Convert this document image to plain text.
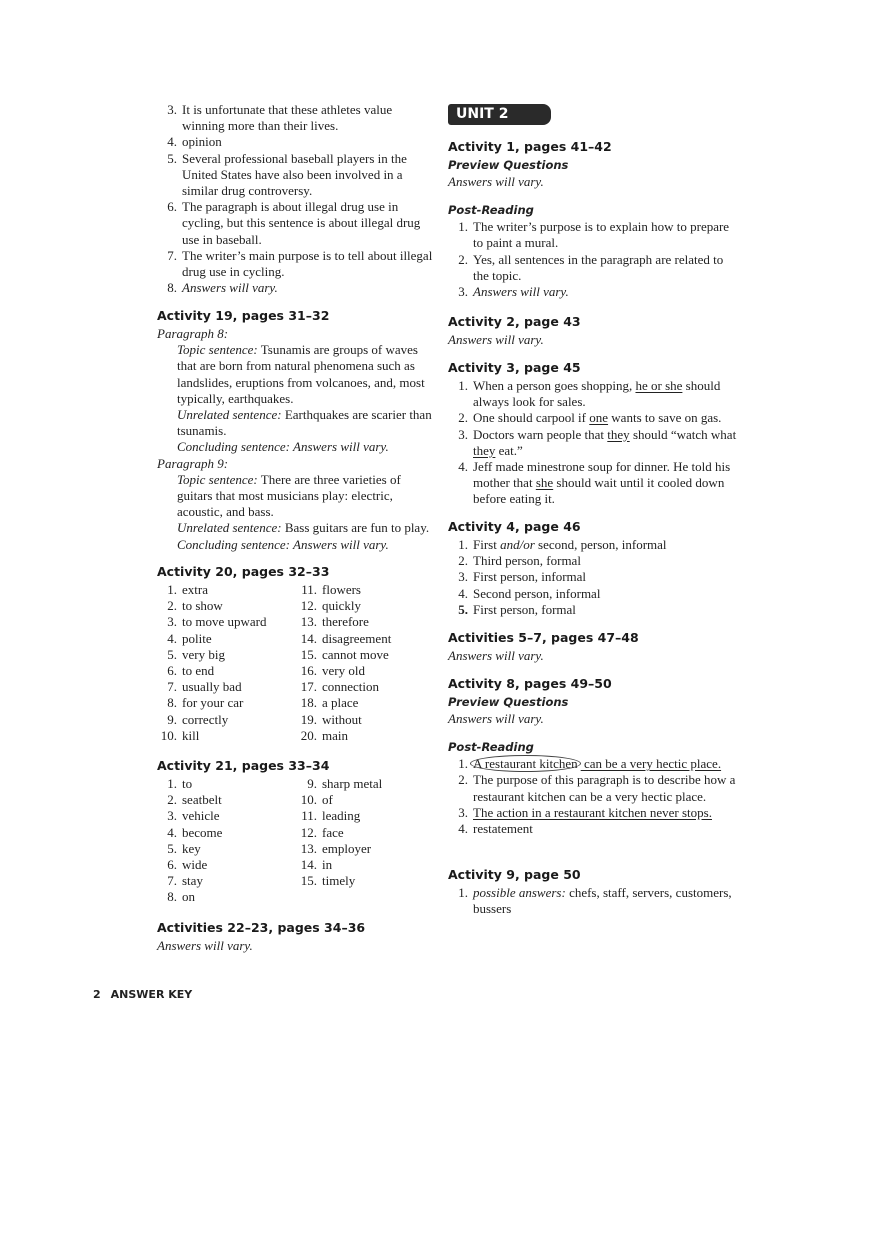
3. It is unfortunate that these athletes value winning more than their lives.
4. opinion
5. Several professional baseball players in the United States have also been involved in a similar drug controversy.
6. The paragraph is about illegal drug use in cycling, but this sentence is about illegal drug use in baseball.
7. The writer’s main purpose is to tell about illegal drug use in cycling.
8. Answers will vary.
Activity 19, pages 31–32
Paragraph 8:
Topic sentence: Tsunamis are groups of waves that are born from natural phenomena such as landslides, eruptions from volcanoes, and, most typically, earthquakes.
Unrelated sentence: Earthquakes are scarier than tsunamis.
Concluding sentence: Answers will vary.
Paragraph 9:
Topic sentence: There are three varieties of guitars that most musicians play: electric, acoustic, and bass.
Unrelated sentence: Bass guitars are fun to play.
Concluding sentence: Answers will vary.
Activity 20, pages 32–33
1. extra
2. to show
3. to move upward
4. polite
5. very big
6. to end
7. usually bad
8. for your car
9. correctly
10. kill
11. flowers
12. quickly
13. therefore
14. disagreement
15. cannot move
16. very old
17. connection
18. a place
19. without
20. main
Activity 21, pages 33–34
1. to
2. seatbelt
3. vehicle
4. become
5. key
6. wide
7. stay
8. on
9. sharp metal
10. of
11. leading
12. face
13. employer
14. in
15. timely
Activities 22–23, pages 34–36
Answers will vary.
UNIT 2
Activity 1, pages 41–42
Preview Questions
Answers will vary.
Post-Reading
1. The writer’s purpose is to explain how to prepare to paint a mural.
2. Yes, all sentences in the paragraph are related to the topic.
3. Answers will vary.
Activity 2, page 43
Answers will vary.
Activity 3, page 45
1. When a person goes shopping, he or she should always look for sales.
2. One should carpool if one wants to save on gas.
3. Doctors warn people that they should “watch what they eat.”
4. Jeff made minestrone soup for dinner. He told his mother that she should wait until it cooled down before eating it.
Activity 4, page 46
1. First and/or second, person, informal
2. Third person, formal
3. First person, informal
4. Second person, informal
5. First person, formal
Activities 5–7, pages 47–48
Answers will vary.
Activity 8, pages 49–50
Preview Questions
Answers will vary.
Post-Reading
1. A restaurant kitchen can be a very hectic place.
2. The purpose of this paragraph is to describe how a restaurant kitchen can be a very hectic place.
3. The action in a restaurant kitchen never stops.
4. restatement
Activity 9, page 50
1. possible answers: chefs, staff, servers, customers, bussers
2 ANSWER KEY
